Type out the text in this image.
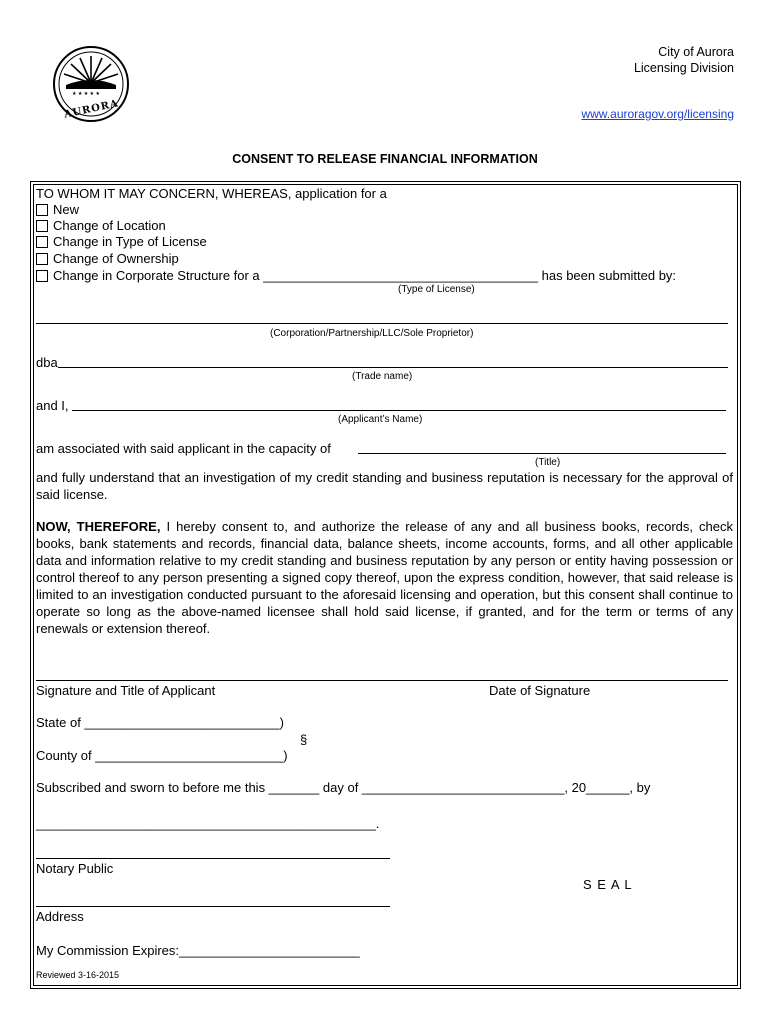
★ ★ ★ ★ ★
AURORA
City of Aurora
Licensing Division
www.auroragov.org/licensing
CONSENT TO RELEASE FINANCIAL INFORMATION
TO WHOM IT MAY CONCERN, WHEREAS, application for a
New
Change of Location
Change in Type of License
Change of Ownership
Change in Corporate Structure for a ______________________________________ has been submitted by:
(Type of License)
(Corporation/Partnership/LLC/Sole Proprietor)
dba
(Trade name)
and I,
(Applicant’s Name)
am associated with said applicant in the capacity of
(Title)
and fully understand that an investigation of my credit standing and business reputation is necessary for the approval of said license.
NOW, THEREFORE, I hereby consent to, and authorize the release of any and all business books, records, check books, bank statements and records, financial data, balance sheets, income accounts, forms, and all other applicable data and information relative to my credit standing and business reputation by any person or entity having possession or control thereof to any person presenting a signed copy thereof, upon the express condition, however, that said release is limited to an investigation conducted pursuant to the aforesaid licensing and operation, but this consent shall continue to operate so long as the above-named licensee shall hold said license, if granted, and for the term or terms of any renewals or extension thereof.
Signature and Title of Applicant	Date of Signature
State of ___________________________)
§
County of __________________________)
Subscribed and sworn to before me this _______ day of ____________________________, 20______, by
_______________________________________________.
Notary Public
S E A L
Address
My Commission Expires:_________________________
Reviewed 3-16-2015
